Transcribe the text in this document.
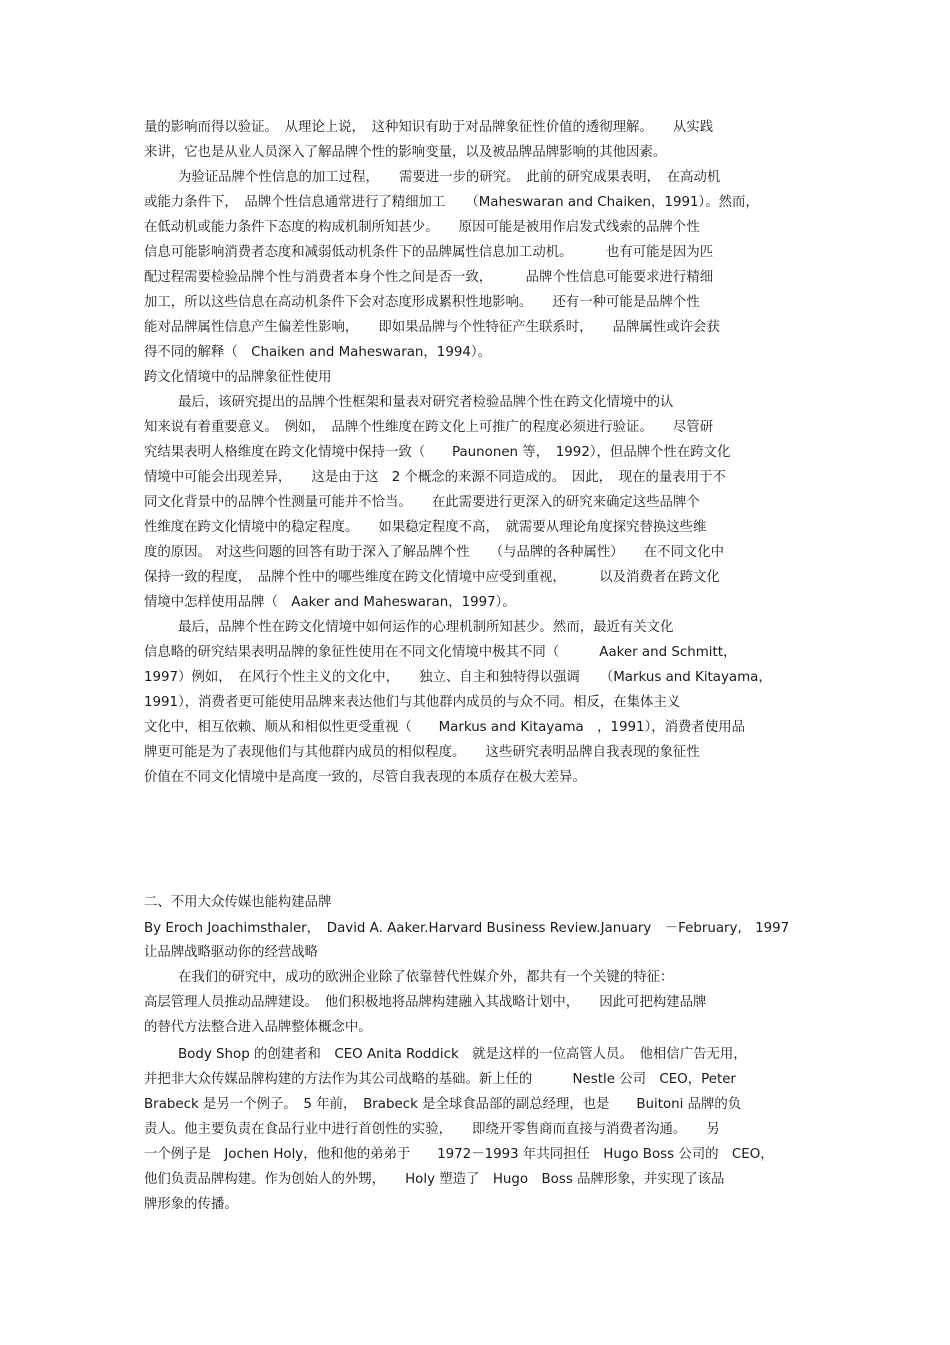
量的影响而得以验证。　从理论上说，　这种知识有助于对品牌象征性价值的透彻理解。　　从实践
来讲，它也是从业人员深入了解品牌个性的影响变量，以及被品牌品牌影响的其他因素。
为验证品牌个性信息的加工过程，　　需要进一步的研究。　此前的研究成果表明，　在高动机
或能力条件下，　品牌个性信息通常进行了精细加工　　（Maheswaran and Chaiken，1991）。然而，
在低动机或能力条件下态度的构成机制所知甚少。　　原因可能是被用作启发式线索的品牌个性
信息可能影响消费者态度和减弱低动机条件下的品牌属性信息加工动机。　　　也有可能是因为匹
配过程需要检验品牌个性与消费者本身个性之间是否一致，　　　品牌个性信息可能要求进行精细
加工，所以这些信息在高动机条件下会对态度形成累积性地影响。　　还有一种可能是品牌个性
能对品牌属性信息产生偏差性影响，　　即如果品牌与个性特征产生联系时，　　品牌属性或许会获
得不同的解释（　Chaiken and Maheswaran，1994）。
跨文化情境中的品牌象征性使用
最后，该研究提出的品牌个性框架和量表对研究者检验品牌个性在跨文化情境中的认
知来说有着重要意义。　例如，　品牌个性维度在跨文化上可推广的程度必须进行验证。　　尽管研
究结果表明人格维度在跨文化情境中保持一致（　　Paunonen 等，　1992），但品牌个性在跨文化
情境中可能会出现差异，　　这是由于这　2 个概念的来源不同造成的。　因此，　现在的量表用于不
同文化背景中的品牌个性测量可能并不恰当。　　在此需要进行更深入的研究来确定这些品牌个
性维度在跨文化情境中的稳定程度。　　如果稳定程度不高，　就需要从理论角度探究替换这些维
度的原因。 对这些问题的回答有助于深入了解品牌个性　　（与品牌的各种属性）　　在不同文化中
保持一致的程度，　品牌个性中的哪些维度在跨文化情境中应受到重视，　　　以及消费者在跨文化
情境中怎样使用品牌（　Aaker and Maheswaran，1997）。
最后，品牌个性在跨文化情境中如何运作的心理机制所知甚少。然而，最近有关文化
信息略的研究结果表明品牌的象征性使用在不同文化情境中极其不同（　　　Aaker and Schmitt，
1997）例如，　在风行个性主义的文化中，　　独立、自主和独特得以强调　　（Markus and Kitayama，
1991），消费者更可能使用品牌来表达他们与其他群内成员的与众不同。相反，在集体主义
文化中，相互依赖、顺从和相似性更受重视（　　Markus and Kitayama　，1991），消费者使用品
牌更可能是为了表现他们与其他群内成员的相似程度。　　这些研究表明品牌自我表现的象征性
价值在不同文化情境中是高度一致的，尽管自我表现的本质存在极大差异。
二、不用大众传媒也能构建品牌
By Eroch Joachimsthaler，　David A. Aaker.Harvard Business Review.January　－February,　1997
让品牌战略驱动你的经营战略
在我们的研究中，成功的欧洲企业除了依靠替代性媒介外，都共有一个关键的特征：
高层管理人员推动品牌建设。　他们积极地将品牌构建融入其战略计划中，　　因此可把构建品牌
的替代方法整合进入品牌整体概念中。
Body Shop 的创建者和　CEO Anita Roddick　就是这样的一位高管人员。　他相信广告无用，
并把非大众传媒品牌构建的方法作为其公司战略的基础。新上任的　　　Nestle 公司　CEO，Peter
Brabeck 是另一个例子。　5 年前，　Brabeck 是全球食品部的副总经理，也是　　Buitoni 品牌的负
责人。他主要负责在食品行业中进行首创性的实验，　　即绕开零售商而直接与消费者沟通。　　另
一个例子是　Jochen Holy，他和他的弟弟于　　1972－1993 年共同担任　Hugo Boss 公司的　CEO，
他们负责品牌构建。作为创始人的外甥，　　Holy 塑造了　Hugo　Boss 品牌形象，并实现了该品
牌形象的传播。
